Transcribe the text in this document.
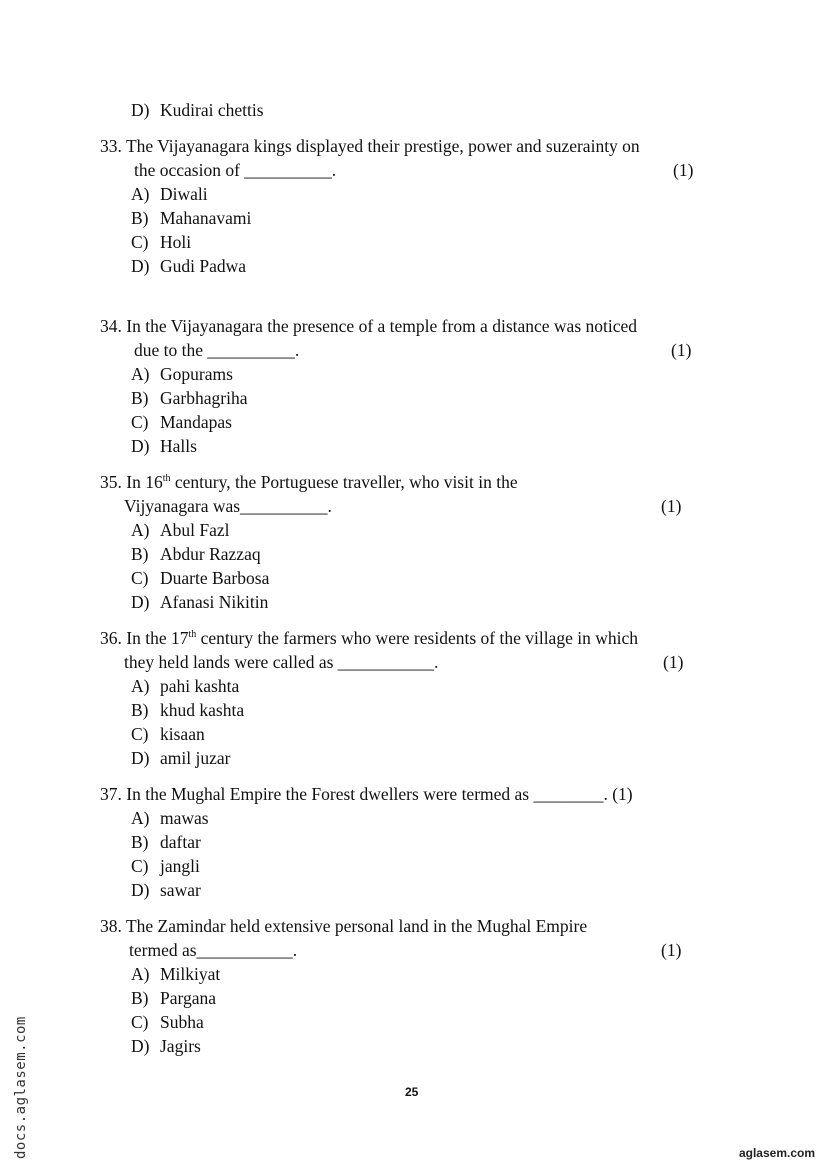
D) Kudirai chettis
33. The Vijayanagara kings displayed their prestige, power and suzerainty on
the occasion of __________.	(1)
A) Diwali
B) Mahanavami
C) Holi
D) Gudi Padwa
34. In the Vijayanagara the presence of a temple from a distance was noticed
due to the __________.	(1)
A) Gopurams
B) Garbhagriha
C) Mandapas
D) Halls
35. In 16th century, the Portuguese traveller, who visit in the
Vijyanagara was__________.	(1)
A) Abul Fazl
B) Abdur Razzaq
C) Duarte Barbosa
D) Afanasi Nikitin
36. In the 17th century the farmers who were residents of the village in which
they held lands were called as ___________.	(1)
A) pahi kashta
B) khud kashta
C) kisaan
D) amil juzar
37. In the Mughal Empire the Forest dwellers were termed as ________. (1)
A) mawas
B) daftar
C) jangli
D) sawar
38. The Zamindar held extensive personal land in the Mughal Empire
termed as___________.	(1)
A) Milkiyat
B) Pargana
C) Subha
D) Jagirs
25
docs.aglasem.com	aglasem.com
